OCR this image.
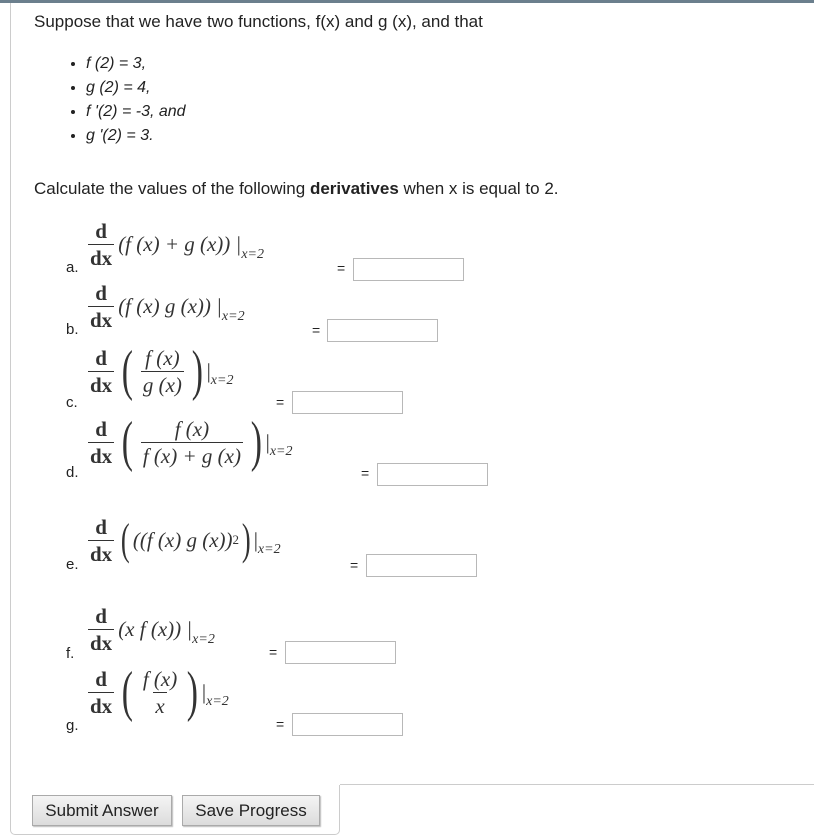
Suppose that we have two functions, f(x) and g (x), and that
• f (2) = 3,
• g (2) = 4,
• f '(2) = -3, and
• g '(2) = 3.
Calculate the values of the following derivatives when x is equal to 2.
a. $\frac{d}{dx} (f$ (x) + g (x)) | x=2
=
b. $\frac{d}{dx} (f$ (x) g (x)) | x=2
=
c.
$\frac{d}{dx}$ ( $\frac{f (x)}{g (x)}$ ) | x=2
=
d.
$\frac{d}{dx}$ ( $\frac{f (x)}{f (x) + g (x)}$ ) | x=2
=
e. $\frac{d}{dx}$ ( ((f (x) g (x)) 2 ) | x=2
=
f. $\frac{d}{dx} (x$ f (x)) | x=2
=
g.
$\frac{d}{dx}$ ( $\frac{f (x)}{x}$ ) | x=2
=
Submit Answer	Save Progress
